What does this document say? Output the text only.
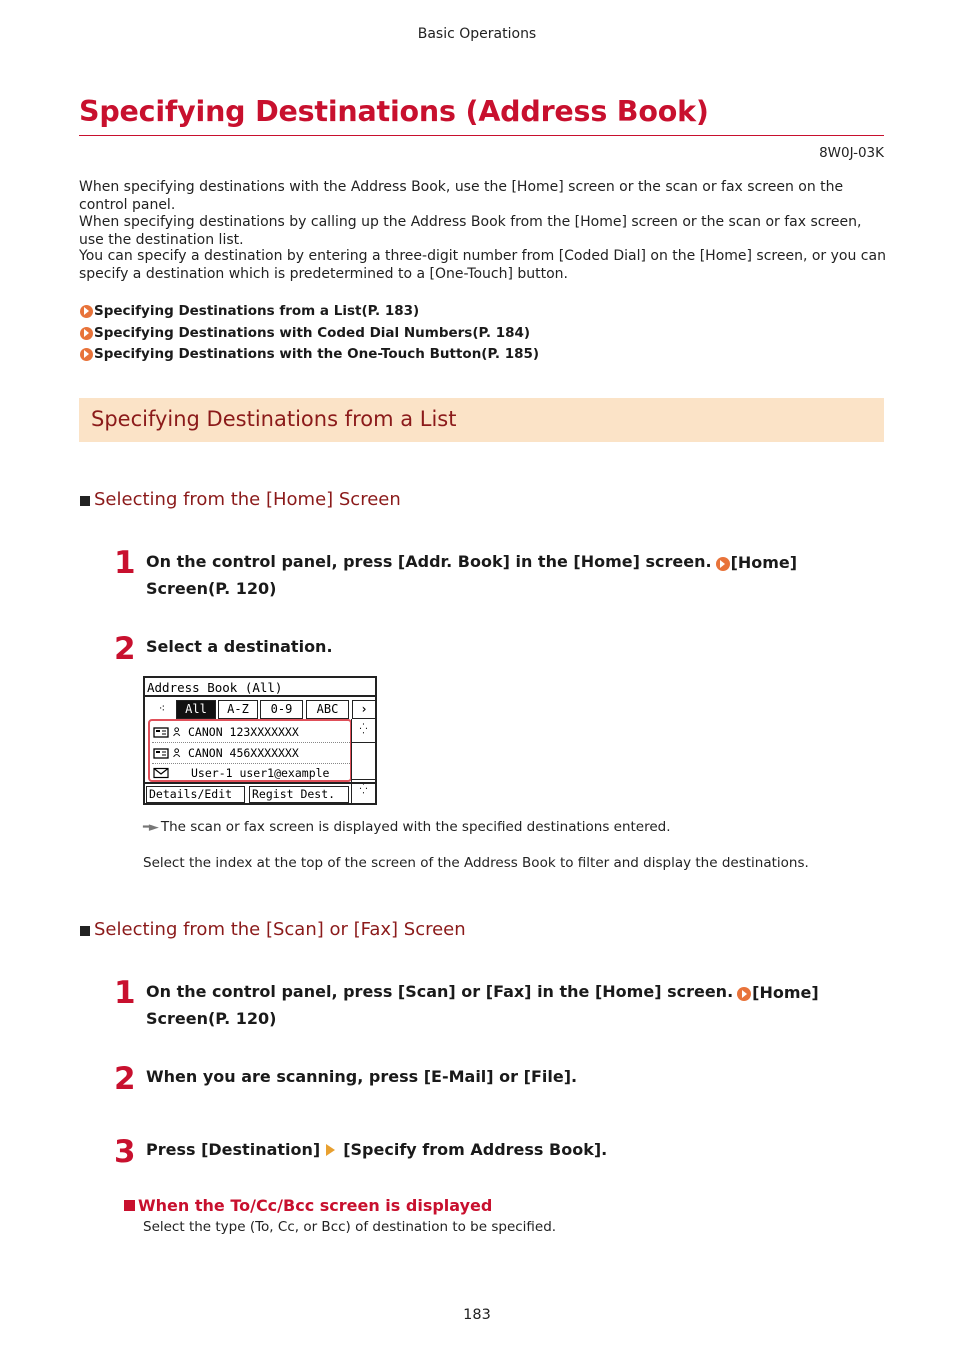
Basic Operations
Specifying Destinations (Address Book)
8W0J-03K
When specifying destinations with the Address Book, use the [Home] screen or the scan or fax screen on the control panel.
When specifying destinations by calling up the Address Book from the [Home] screen or the scan or fax screen, use the destination list.
You can specify a destination by entering a three-digit number from [Coded Dial] on the [Home] screen, or you can specify a destination which is predetermined to a [One-Touch] button.
Specifying Destinations from a List(P. 183)
Specifying Destinations with Coded Dial Numbers(P. 184)
Specifying Destinations with the One-Touch Button(P. 185)
Specifying Destinations from a List
Selecting from the [Home] Screen
1 On the control panel, press [Addr. Book] in the [Home] screen. [Home]

Screen(P. 120)
2 Select a destination.
Address Book (All)
⁖	All	A-Z	0-9	ABC	›
CANON 123XXXXXXX
CANON 456XXXXXXX
User-1 user1@example
⁛
⁛
Details/Edit	Regist Dest.
━► The scan or fax screen is displayed with the specified destinations entered.
Select the index at the top of the screen of the Address Book to filter and display the destinations.
Selecting from the [Scan] or [Fax] Screen
1 On the control panel, press [Scan] or [Fax] in the [Home] screen. [Home]

Screen(P. 120)
2 When you are scanning, press [E-Mail] or [File].
3 Press [Destination] [Specify from Address Book].
When the To/Cc/Bcc screen is displayed
Select the type (To, Cc, or Bcc) of destination to be specified.
183
